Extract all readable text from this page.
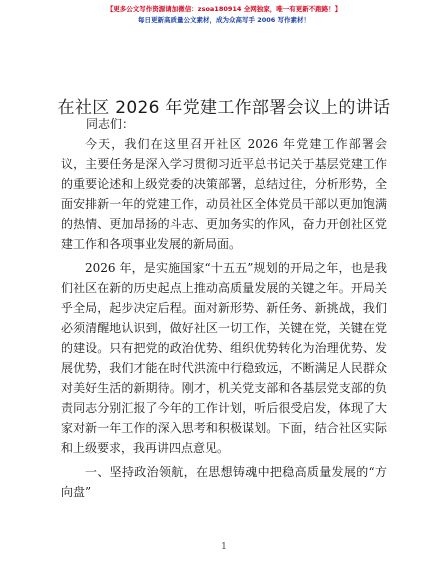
【更多公文写作资源请加微信：zsoa180914 全网独家，唯一有更新不跑路！】
每日更新高质量公文素材，成为众高写手 2006 写作素材！
在社区 2026 年党建工作部署会议上的讲话
同志们：

今天，我们在这里召开社区 2026 年党建工作部署会议，主要任务是深入学习贯彻习近平总书记关于基层党建工作的重要论述和上级党委的决策部署，总结过往，分析形势，全面安排新一年的党建工作，动员社区全体党员干部以更加饱满的热情、更加昂扬的斗志、更加务实的作风，奋力开创社区党建工作和各项事业发展的新局面。

2026 年，是实施国家“十五五”规划的开局之年，也是我们社区在新的历史起点上推动高质量发展的关键之年。开局关乎全局，起步决定后程。面对新形势、新任务、新挑战，我们必须清醒地认识到，做好社区一切工作，关键在党，关键在党的建设。只有把党的政治优势、组织优势转化为治理优势、发展优势，我们才能在时代洪流中行稳致远，不断满足人民群众对美好生活的新期待。刚才，机关党支部和各基层党支部的负责同志分别汇报了今年的工作计划，听后很受启发，体现了大家对新一年工作的深入思考和积极谋划。下面，结合社区实际和上级要求，我再讲四点意见。

一、坚持政治领航，在思想铸魂中把稳高质量发展的“方向盘”

1
